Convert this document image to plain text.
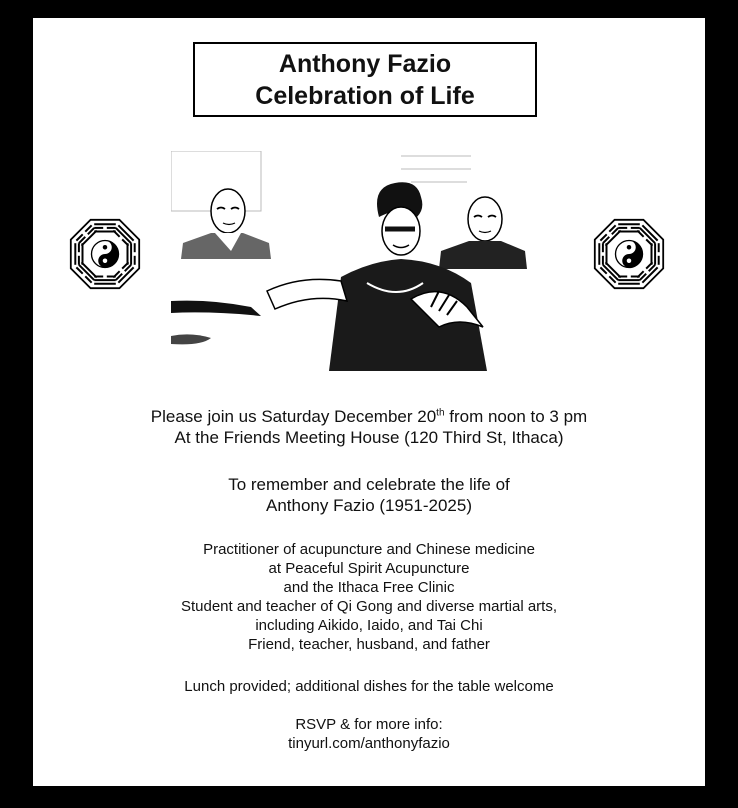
Anthony Fazio
Celebration of Life
Please join us Saturday December 20th from noon to 3 pm
At the Friends Meeting House (120 Third St, Ithaca)
To remember and celebrate the life of
Anthony Fazio (1951-2025)
Practitioner of acupuncture and Chinese medicine
at Peaceful Spirit Acupuncture
and the Ithaca Free Clinic
Student and teacher of Qi Gong and diverse martial arts,
including Aikido, Iaido, and Tai Chi
Friend, teacher, husband, and father
Lunch provided; additional dishes for the table welcome
RSVP & for more info:
tinyurl.com/anthonyfazio
